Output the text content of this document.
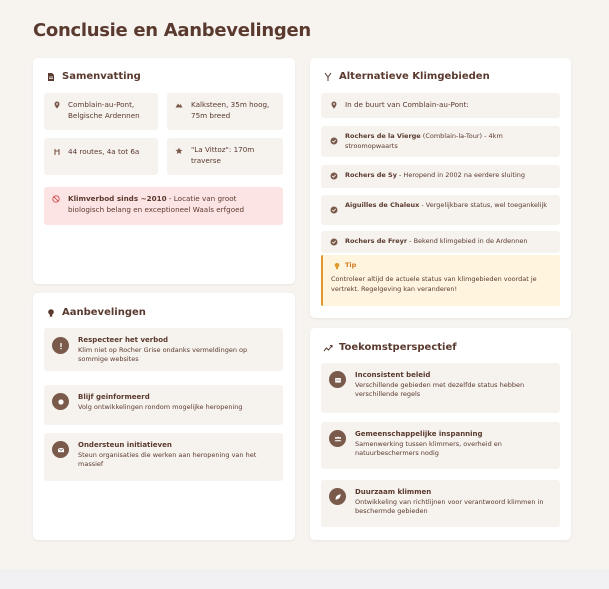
Conclusie en Aanbevelingen
Samenvatting
Comblain-au-Pont, Belgische Ardennen
Kalksteen, 35m hoog, 75m breed
44 routes, 4a tot 6a	"La Vittoz": 170m traverse
Klimverbod sinds ~2010 - Locatie van groot biologisch belang en exceptioneel Waals erfgoed
Aanbevelingen
Respecteer het verbod
Klim niet op Rocher Grise ondanks vermeldingen op sommige websites
Blijf geïnformeerd
Volg ontwikkelingen rondom mogelijke heropening
Ondersteun initiatieven
Steun organisaties die werken aan heropening van het massief
Alternatieve Klimgebieden
In de buurt van Comblain-au-Pont:
Rochers de la Vierge (Comblain-la-Tour) - 4km stroomopwaarts
Rochers de Sy - Heropend in 2002 na eerdere sluiting
Aiguilles de Chaleux - Vergelijkbare status, wel toegankelijk
Rochers de Freyr - Bekend klimgebied in de Ardennen
Tip
Controleer altijd de actuele status van klimgebieden voordat je vertrekt. Regelgeving kan veranderen!
Toekomstperspectief
Inconsistent beleid
Verschillende gebieden met dezelfde status hebben verschillende regels
Gemeenschappelijke inspanning
Samenwerking tussen klimmers, overheid en natuurbeschermers nodig
Duurzaam klimmen
Ontwikkeling van richtlijnen voor verantwoord klimmen in beschermde gebieden
